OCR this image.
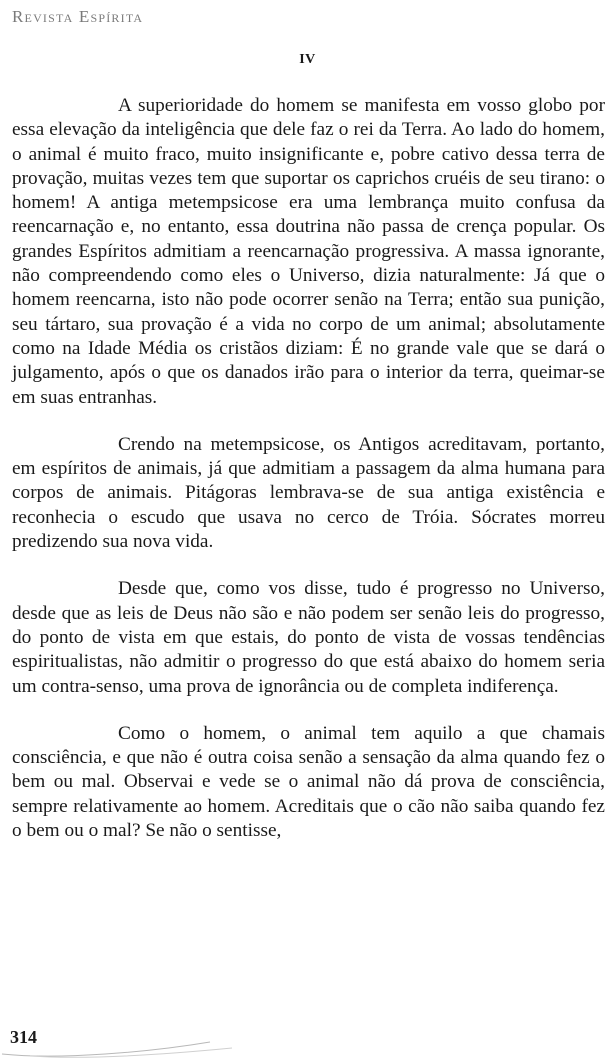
Revista Espírita
IV

A superioridade do homem se manifesta em vosso globo por essa elevação da inteligência que dele faz o rei da Terra. Ao lado do homem, o animal é muito fraco, muito insignificante e, pobre cativo dessa terra de provação, muitas vezes tem que suportar os caprichos cruéis de seu tirano: o homem! A antiga metempsicose era uma lembrança muito confusa da reencarnação e, no entanto, essa doutrina não passa de crença popular. Os grandes Espíritos admitiam a reencarnação progressiva. A massa ignorante, não compreendendo como eles o Universo, dizia naturalmente: Já que o homem reencarna, isto não pode ocorrer senão na Terra; então sua punição, seu tártaro, sua provação é a vida no corpo de um animal; absolutamente como na Idade Média os cristãos diziam: É no grande vale que se dará o julgamento, após o que os danados irão para o interior da terra, queimar-se em suas entranhas.

Crendo na metempsicose, os Antigos acreditavam, portanto, em espíritos de animais, já que admitiam a passagem da alma humana para corpos de animais. Pitágoras lembrava-se de sua antiga existência e reconhecia o escudo que usava no cerco de Tróia. Sócrates morreu predizendo sua nova vida.

Desde que, como vos disse, tudo é progresso no Universo, desde que as leis de Deus não são e não podem ser senão leis do progresso, do ponto de vista em que estais, do ponto de vista de vossas tendências espiritualistas, não admitir o progresso do que está abaixo do homem seria um contra-senso, uma prova de ignorância ou de completa indiferença.

Como o homem, o animal tem aquilo a que chamais consciência, e que não é outra coisa senão a sensação da alma quando fez o bem ou mal. Observai e vede se o animal não dá prova de consciência, sempre relativamente ao homem. Acreditais que o cão não saiba quando fez o bem ou o mal? Se não o sentisse,

314
